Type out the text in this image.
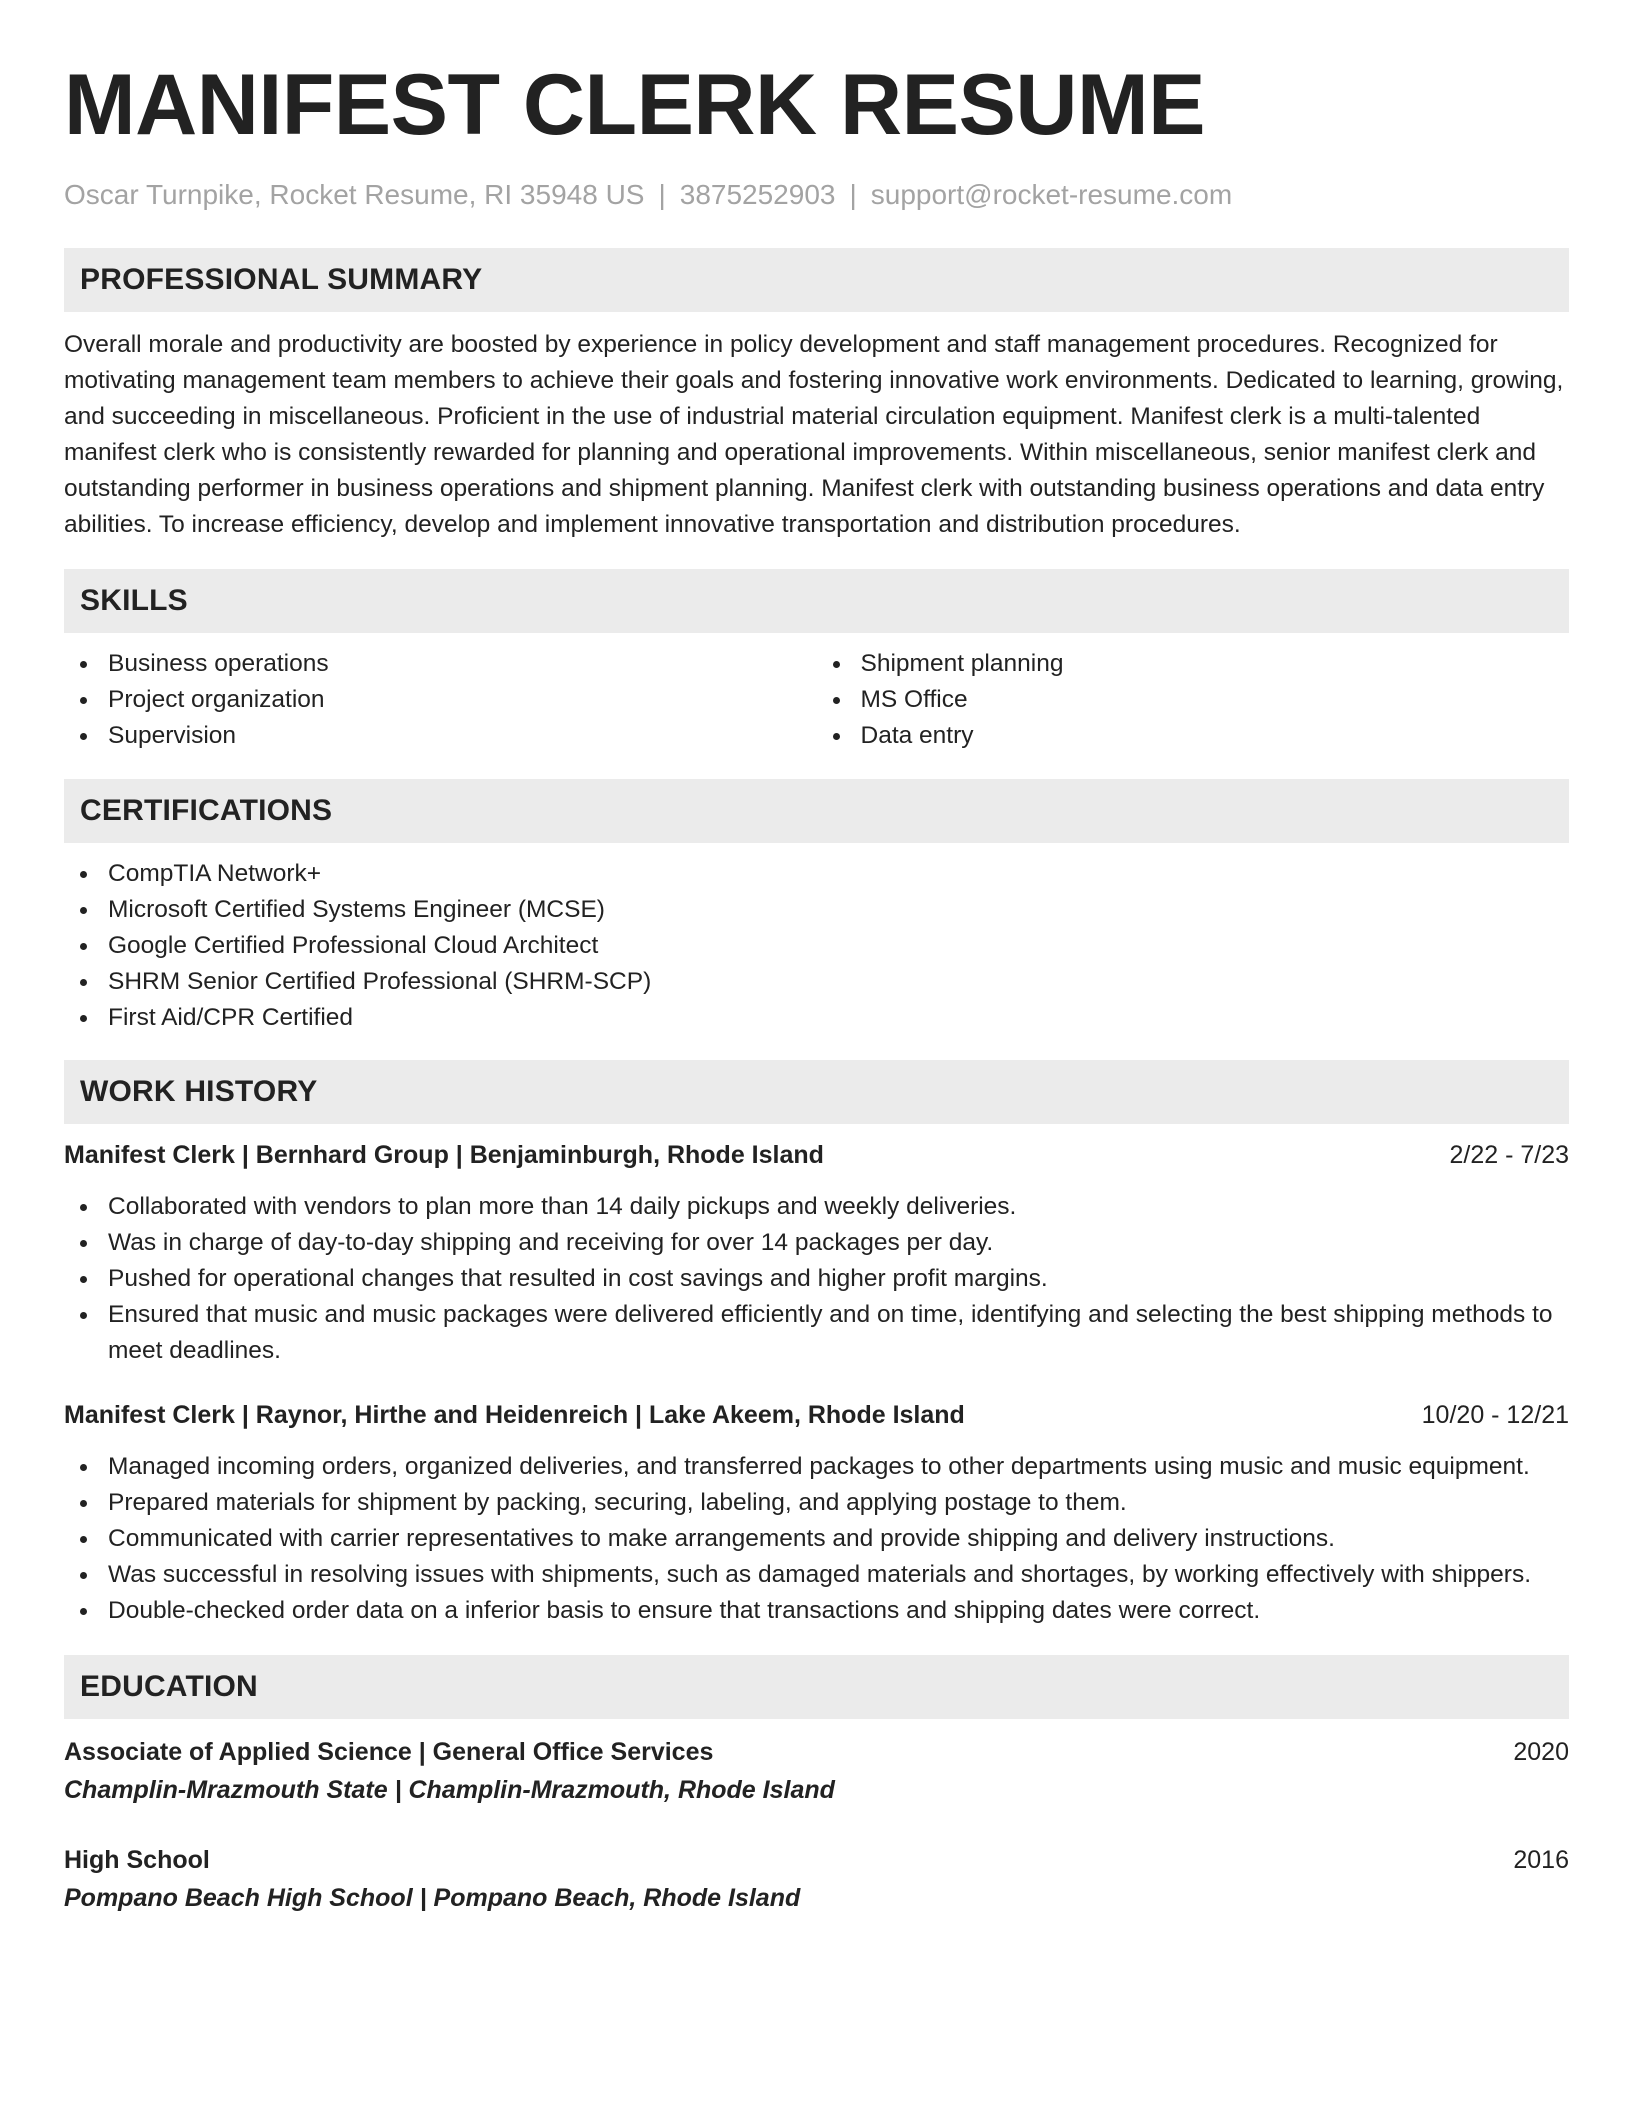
MANIFEST CLERK RESUME
Oscar Turnpike, Rocket Resume, RI 35948 US | 3875252903 | support@rocket-resume.com
PROFESSIONAL SUMMARY

Overall morale and productivity are boosted by experience in policy development and staff management procedures. Recognized for motivating management team members to achieve their goals and fostering innovative work environments. Dedicated to learning, growing, and succeeding in miscellaneous. Proficient in the use of industrial material circulation equipment. Manifest clerk is a multi-talented manifest clerk who is consistently rewarded for planning and operational improvements. Within miscellaneous, senior manifest clerk and outstanding performer in business operations and shipment planning. Manifest clerk with outstanding business operations and data entry abilities. To increase efficiency, develop and implement innovative transportation and distribution procedures.

SKILLS
Business operations
Project organization
Supervision
Shipment planning
MS Office
Data entry
CERTIFICATIONS
CompTIA Network+
Microsoft Certified Systems Engineer (MCSE)
Google Certified Professional Cloud Architect
SHRM Senior Certified Professional (SHRM-SCP)
First Aid/CPR Certified
WORK HISTORY
Manifest Clerk | Bernhard Group | Benjaminburgh, Rhode Island	2/22 - 7/23
Collaborated with vendors to plan more than 14 daily pickups and weekly deliveries.
Was in charge of day-to-day shipping and receiving for over 14 packages per day.
Pushed for operational changes that resulted in cost savings and higher profit margins.
Ensured that music and music packages were delivered efficiently and on time, identifying and selecting the best shipping methods to meet deadlines.
Manifest Clerk | Raynor, Hirthe and Heidenreich | Lake Akeem, Rhode Island	10/20 - 12/21
Managed incoming orders, organized deliveries, and transferred packages to other departments using music and music equipment.
Prepared materials for shipment by packing, securing, labeling, and applying postage to them.
Communicated with carrier representatives to make arrangements and provide shipping and delivery instructions.
Was successful in resolving issues with shipments, such as damaged materials and shortages, by working effectively with shippers.
Double-checked order data on a inferior basis to ensure that transactions and shipping dates were correct.
EDUCATION
Associate of Applied Science | General Office Services	2020
Champlin-Mrazmouth State | Champlin-Mrazmouth, Rhode Island
High School	2016
Pompano Beach High School | Pompano Beach, Rhode Island
